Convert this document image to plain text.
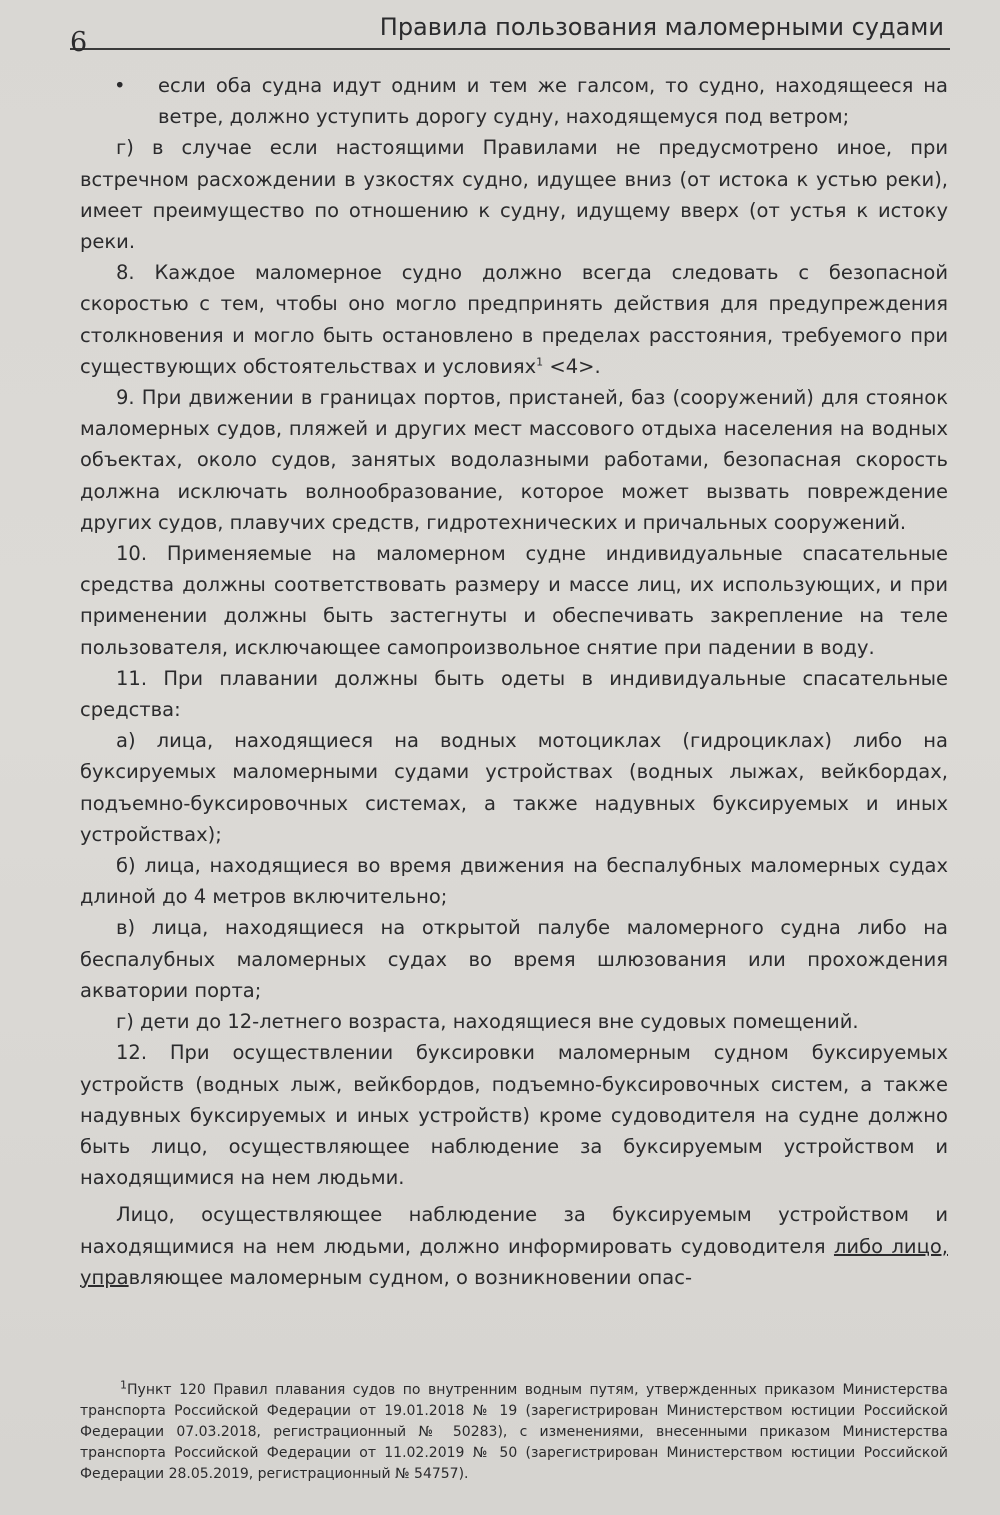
6	Правила пользования маломерными судами

• если оба судна идут одним и тем же галсом, то судно, находящееся на ветре, должно уступить дорогу судну, находящемуся под ветром;

г) в случае если настоящими Правилами не предусмотрено иное, при встречном расхождении в узкостях судно, идущее вниз (от истока к устью реки), имеет преимущество по отношению к судну, идущему вверх (от устья к истоку реки.

8. Каждое маломерное судно должно всегда следовать с безопасной скоростью с тем, чтобы оно могло предпринять действия для предупреждения столкновения и могло быть остановлено в пределах расстояния, требуемого при существующих обстоятельствах и условиях$^1$ <4>.

9. При движении в границах портов, пристаней, баз (сооружений) для стоянок маломерных судов, пляжей и других мест массового отдыха населения на водных объектах, около судов, занятых водолазными работами, безопасная скорость должна исключать волнообразование, которое может вызвать повреждение других судов, плавучих средств, гидротехнических и причальных сооружений.

10. Применяемые на маломерном судне индивидуальные спасательные средства должны соответствовать размеру и массе лиц, их использующих, и при применении должны быть застегнуты и обеспечивать закрепление на теле пользователя, исключающее самопроизвольное снятие при падении в воду.

11. При плавании должны быть одеты в индивидуальные спасательные средства:

а) лица, находящиеся на водных мотоциклах (гидроциклах) либо на буксируемых маломерными судами устройствах (водных лыжах, вейкбордах, подъемно-буксировочных системах, а также надувных буксируемых и иных устройствах);

б) лица, находящиеся во время движения на беспалубных маломерных судах длиной до 4 метров включительно;

в) лица, находящиеся на открытой палубе маломерного судна либо на беспалубных маломерных судах во время шлюзования или прохождения акватории порта;

г) дети до 12-летнего возраста, находящиеся вне судовых помещений.

12. При осуществлении буксировки маломерным судном буксируемых устройств (водных лыж, вейкбордов, подъемно-буксировочных систем, а также надувных буксируемых и иных устройств) кроме судоводителя на судне должно быть лицо, осуществляющее наблюдение за буксируемым устройством и находящимися на нем людьми.

Лицо, осуществляющее наблюдение за буксируемым устройством и находящимися на нем людьми, должно информировать судоводителя либо лицо, управляющее маломерным судном, о возникновении опас-

$^1$Пункт 120 Правил плавания судов по внутренним водным путям, утвержденных приказом Министерства транспорта Российской Федерации от 19.01.2018 № 19 (зарегистрирован Министерством юстиции Российской Федерации 07.03.2018, регистрационный № 50283), с изменениями, внесенными приказом Министерства транспорта Российской Федерации от 11.02.2019 № 50 (зарегистрирован Министерством юстиции Российской Федерации 28.05.2019, регистрационный № 54757).
